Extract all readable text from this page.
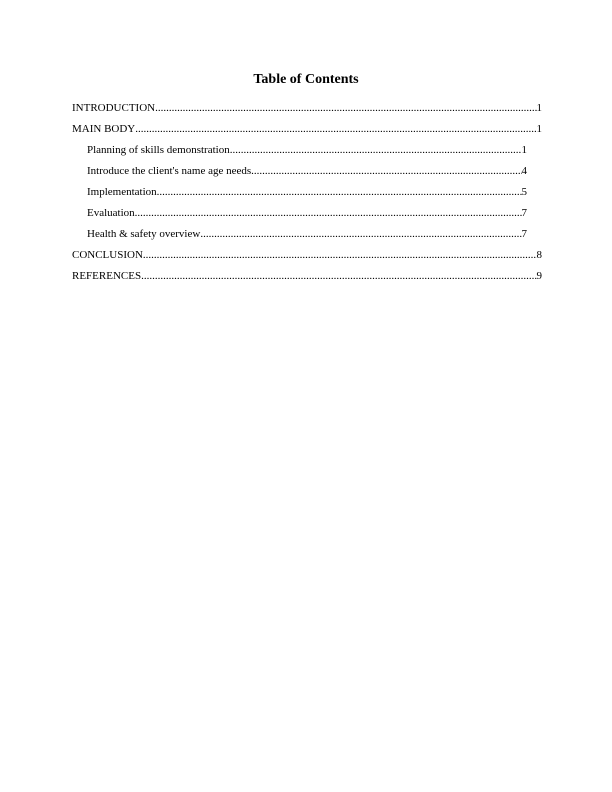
Table of Contents
INTRODUCTION .....	1
MAIN BODY .....	1
Planning of skills demonstration .....	1
Introduce the client's name age needs .....	4
Implementation .....	5
Evaluation .....	7
Health & safety overview .....	7
CONCLUSION .....	8
REFERENCES .....	9
